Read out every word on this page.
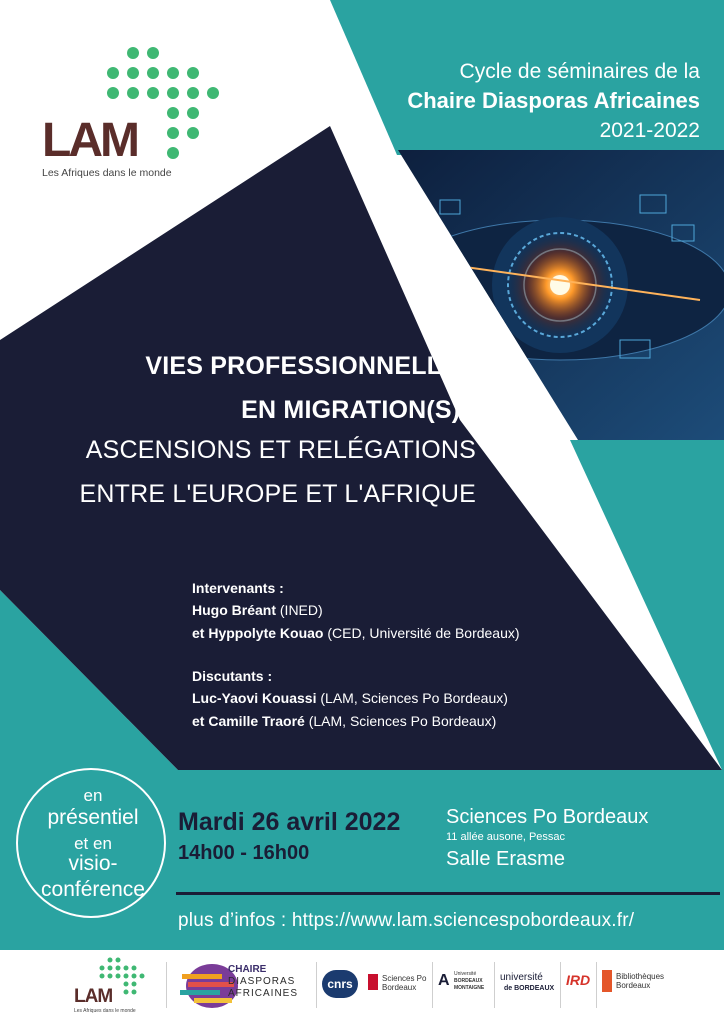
LAM
Les Afriques dans le monde
Cycle de séminaires de la
Chaire Diasporas Africaines
2021-2022
VIES PROFESSIONNELLES
EN MIGRATION(S) :
ASCENSIONS ET RELÉGATIONS
ENTRE L'EUROPE ET L'AFRIQUE
Intervenants :
Hugo Bréant (INED)
et Hyppolyte Kouao (CED, Université de Bordeaux)
Discutants :
Luc-Yaovi Kouassi (LAM, Sciences Po Bordeaux)
et Camille Traoré (LAM, Sciences Po Bordeaux)
en
présentiel
et en
visio-
conférence
Mardi 26 avril 2022
14h00 - 16h00
Sciences Po Bordeaux
11 allée ausone, Pessac
Salle Erasme
plus d’infos : https://www.lam.sciencespobordeaux.fr/
LAM
Les Afriques dans le monde
CHAIRE
DIASPORAS
AFRICAINES
cnrs	Sciences Po
Bordeaux A Université
BORDEAUX
MONTAIGNE
université
de BORDEAUX
IRD	Bibliothèques
Bordeaux
